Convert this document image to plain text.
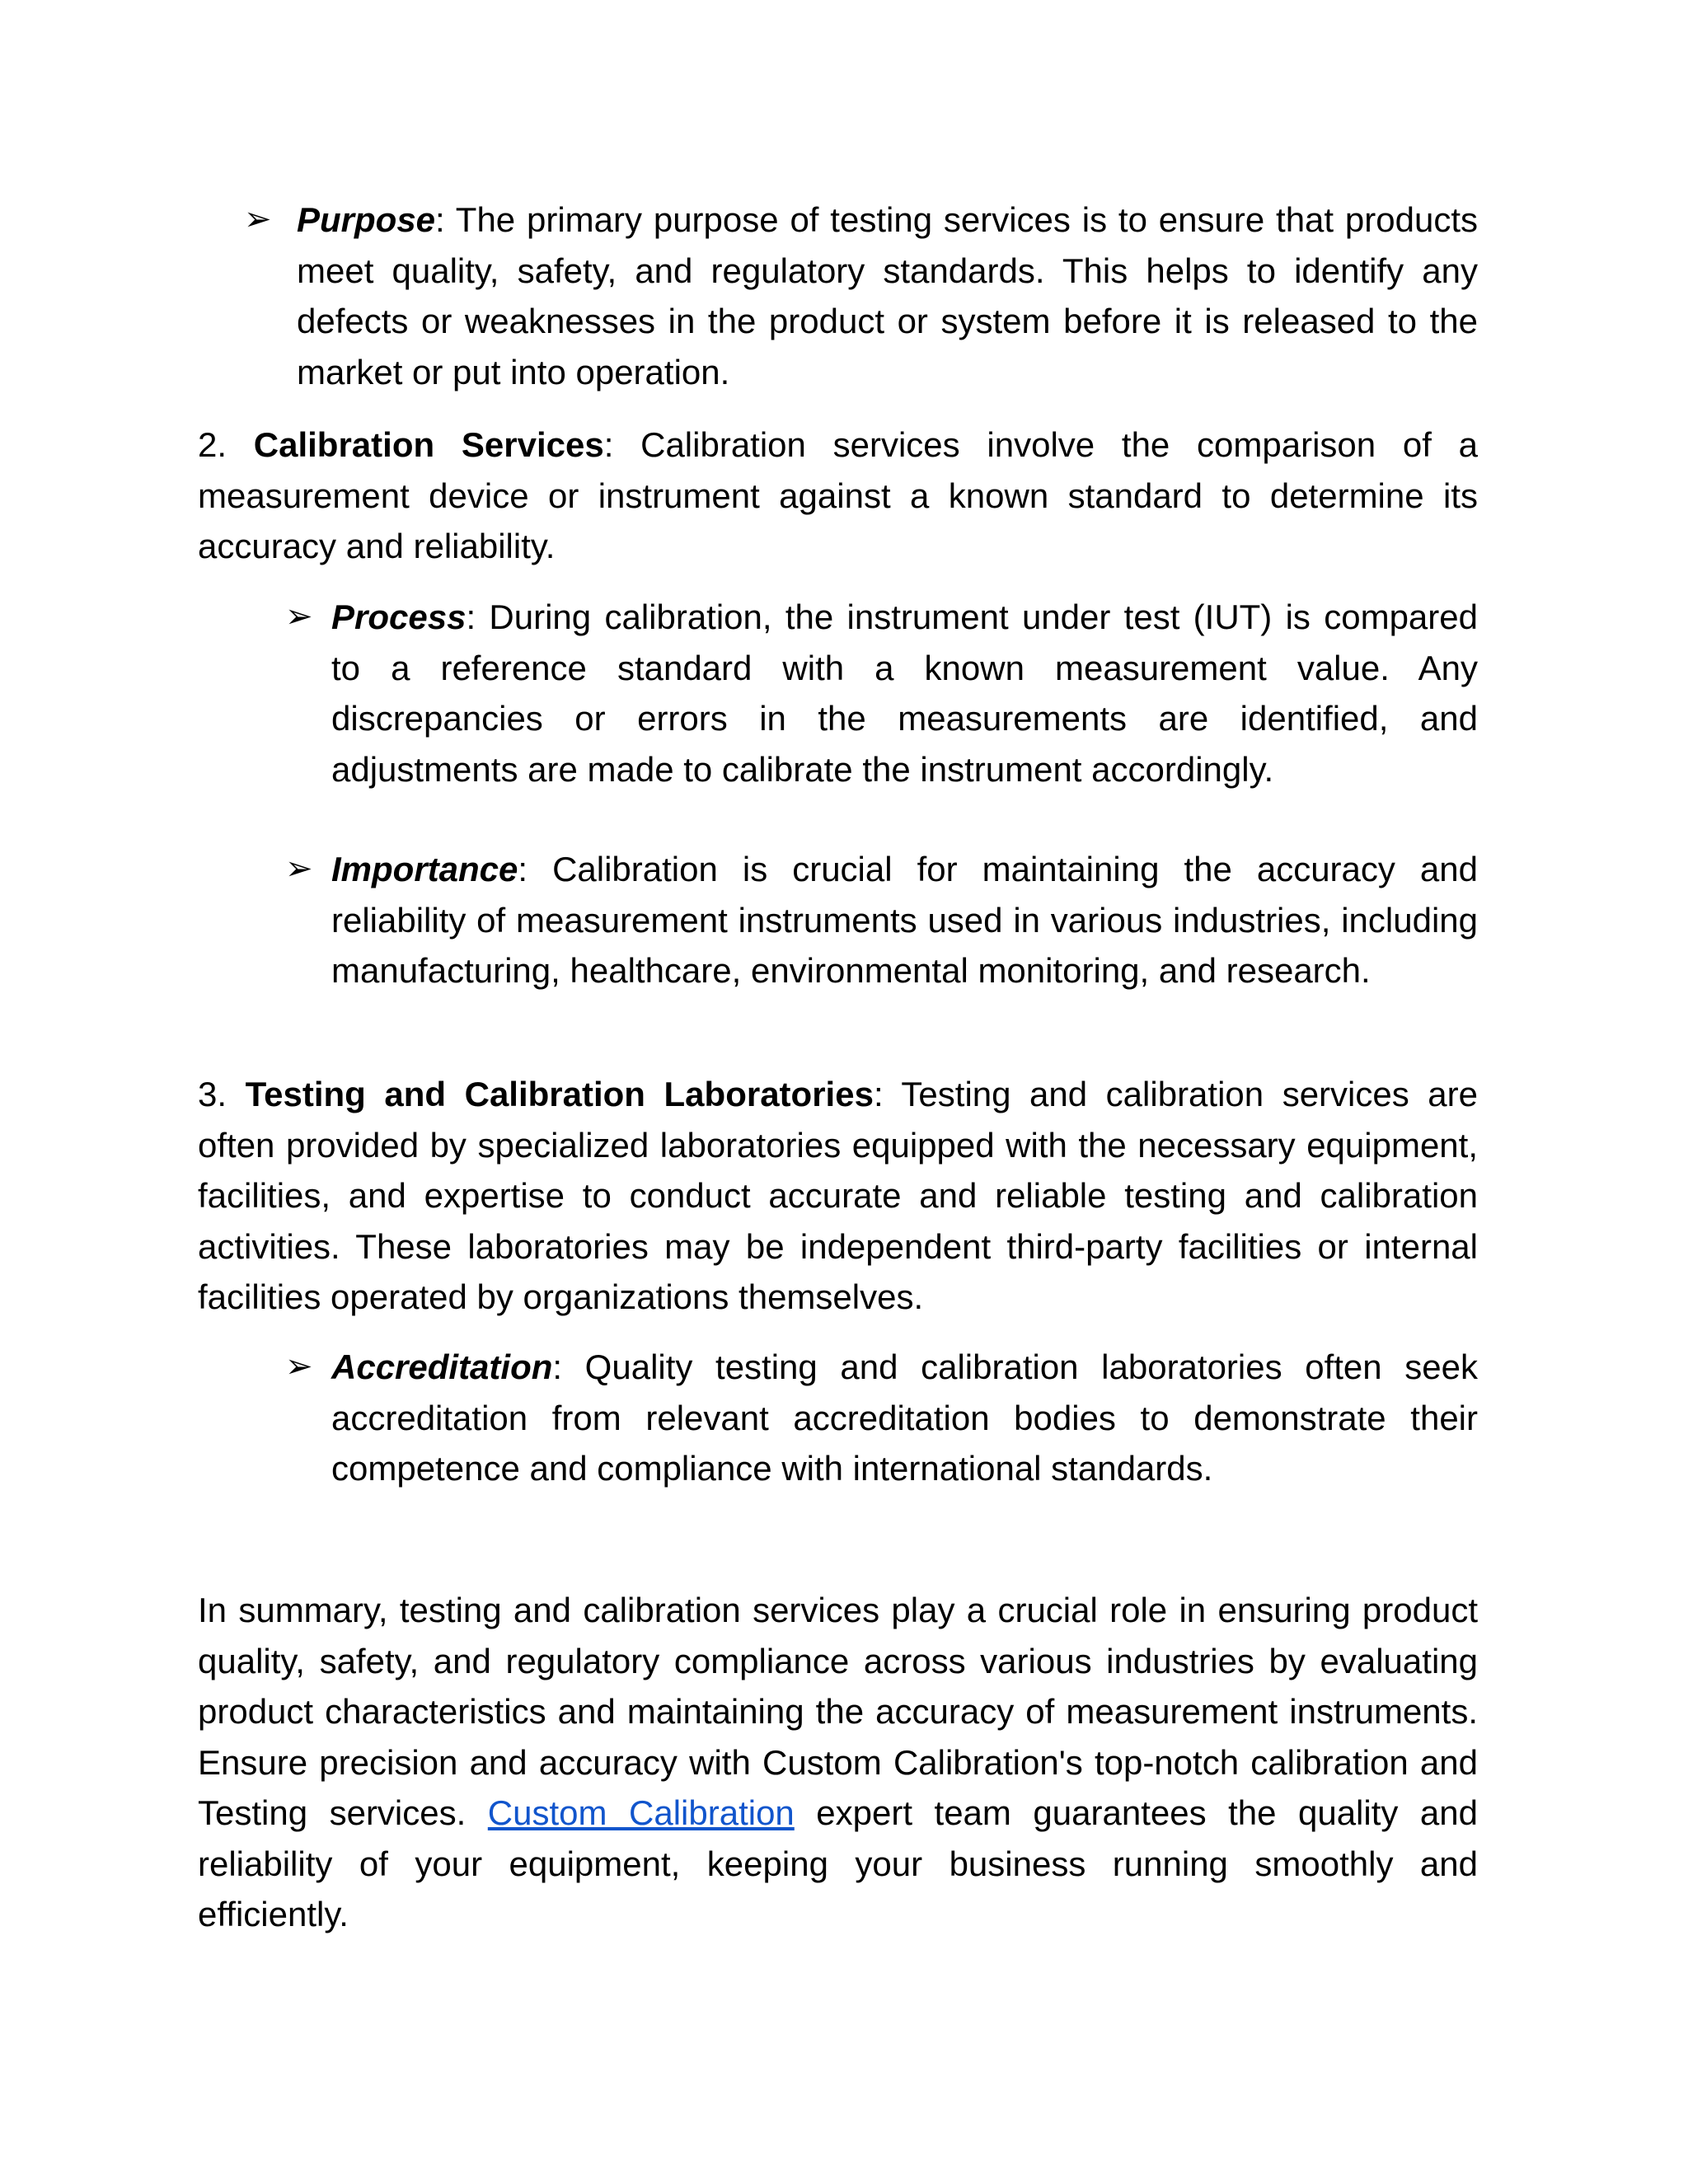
➢ Purpose: The primary purpose of testing services is to ensure that products meet quality, safety, and regulatory standards. This helps to identify any defects or weaknesses in the product or system before it is released to the market or put into operation.

2. Calibration Services: Calibration services involve the comparison of a measurement device or instrument against a known standard to determine its accuracy and reliability.

➢ Process: During calibration, the instrument under test (IUT) is compared to a reference standard with a known measurement value. Any discrepancies or errors in the measurements are identified, and adjustments are made to calibrate the instrument accordingly.
➢ Importance: Calibration is crucial for maintaining the accuracy and reliability of measurement instruments used in various industries, including manufacturing, healthcare, environmental monitoring, and research.

3. Testing and Calibration Laboratories: Testing and calibration services are often provided by specialized laboratories equipped with the necessary equipment, facilities, and expertise to conduct accurate and reliable testing and calibration activities. These laboratories may be independent third-party facilities or internal facilities operated by organizations themselves.

➢ Accreditation: Quality testing and calibration laboratories often seek accreditation from relevant accreditation bodies to demonstrate their competence and compliance with international standards.

In summary, testing and calibration services play a crucial role in ensuring product quality, safety, and regulatory compliance across various industries by evaluating product characteristics and maintaining the accuracy of measurement instruments. Ensure precision and accuracy with Custom Calibration's top-notch calibration and Testing services. Custom Calibration expert team guarantees the quality and reliability of your equipment, keeping your business running smoothly and efficiently.
